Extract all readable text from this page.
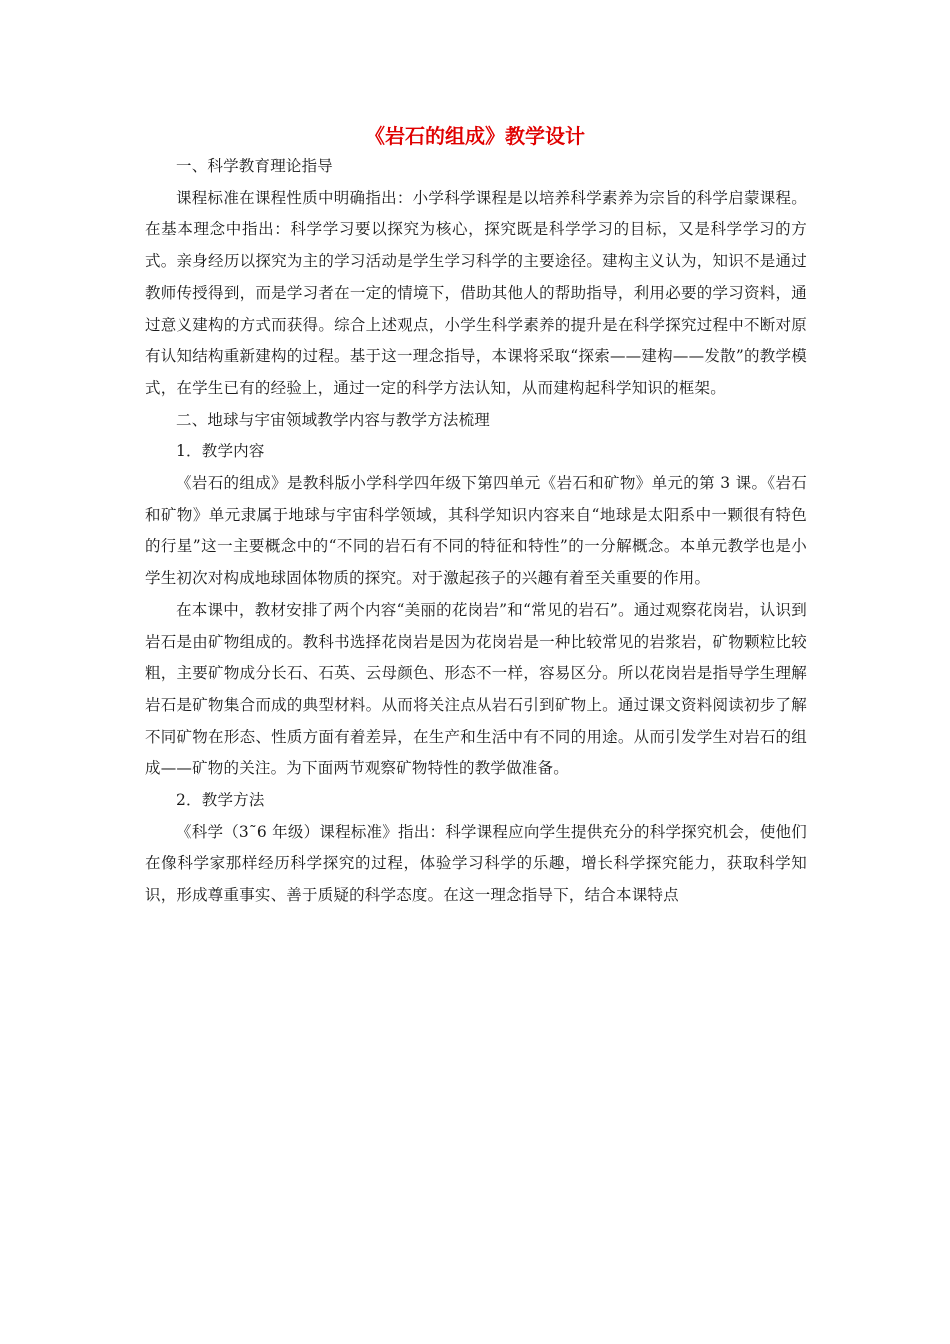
《岩石的组成》教学设计

一、科学教育理论指导

课程标准在课程性质中明确指出：小学科学课程是以培养科学素养为宗旨的科学启蒙课程。在基本理念中指出：科学学习要以探究为核心，探究既是科学学习的目标，又是科学学习的方式。亲身经历以探究为主的学习活动是学生学习科学的主要途径。建构主义认为，知识不是通过教师传授得到，而是学习者在一定的情境下，借助其他人的帮助指导，利用必要的学习资料，通过意义建构的方式而获得。综合上述观点，小学生科学素养的提升是在科学探究过程中不断对原有认知结构重新建构的过程。基于这一理念指导，本课将采取“探索——建构——发散”的教学模式，在学生已有的经验上，通过一定的科学方法认知，从而建构起科学知识的框架。

二、地球与宇宙领域教学内容与教学方法梳理

1．教学内容

《岩石的组成》是教科版小学科学四年级下第四单元《岩石和矿物》单元的第 3 课。《岩石和矿物》单元隶属于地球与宇宙科学领域，其科学知识内容来自“地球是太阳系中一颗很有特色的行星”这一主要概念中的“不同的岩石有不同的特征和特性”的一分解概念。本单元教学也是小学生初次对构成地球固体物质的探究。对于激起孩子的兴趣有着至关重要的作用。

在本课中，教材安排了两个内容“美丽的花岗岩”和“常见的岩石”。通过观察花岗岩，认识到岩石是由矿物组成的。教科书选择花岗岩是因为花岗岩是一种比较常见的岩浆岩，矿物颗粒比较粗，主要矿物成分长石、石英、云母颜色、形态不一样，容易区分。所以花岗岩是指导学生理解岩石是矿物集合而成的典型材料。从而将关注点从岩石引到矿物上。通过课文资料阅读初步了解不同矿物在形态、性质方面有着差异，在生产和生活中有不同的用途。从而引发学生对岩石的组成——矿物的关注。为下面两节观察矿物特性的教学做准备。

2．教学方法

《科学（3˜6 年级）课程标准》指出：科学课程应向学生提供充分的科学探究机会，使他们在像科学家那样经历科学探究的过程，体验学习科学的乐趣，增长科学探究能力，获取科学知识，形成尊重事实、善于质疑的科学态度。在这一理念指导下，结合本课特点
